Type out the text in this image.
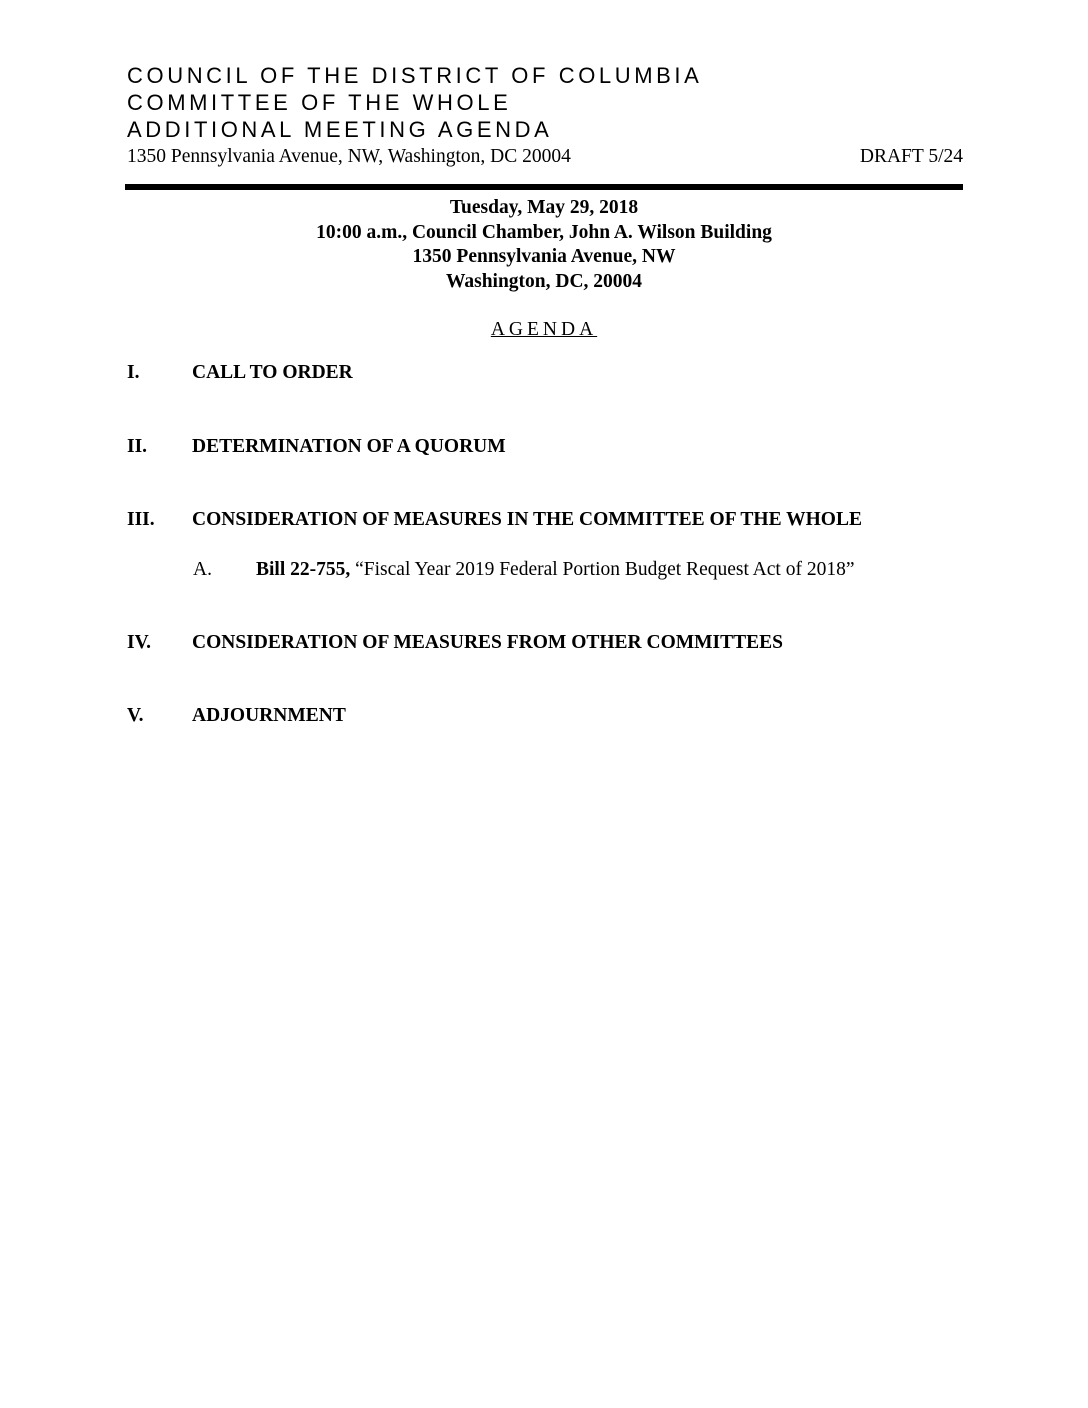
COUNCIL OF THE DISTRICT OF COLUMBIA
COMMITTEE OF THE WHOLE
ADDITIONAL MEETING AGENDA
1350 Pennsylvania Avenue, NW, Washington, DC 20004	DRAFT 5/24
Tuesday, May 29, 2018
10:00 a.m., Council Chamber, John A. Wilson Building
1350 Pennsylvania Avenue, NW
Washington, DC, 20004
AGENDA
I.	CALL TO ORDER
II. DETERMINATION OF A QUORUM
III. CONSIDERATION OF MEASURES IN THE COMMITTEE OF THE WHOLE
A. Bill 22-755, “Fiscal Year 2019 Federal Portion Budget Request Act of 2018”
IV. CONSIDERATION OF MEASURES FROM OTHER COMMITTEES
V. ADJOURNMENT
